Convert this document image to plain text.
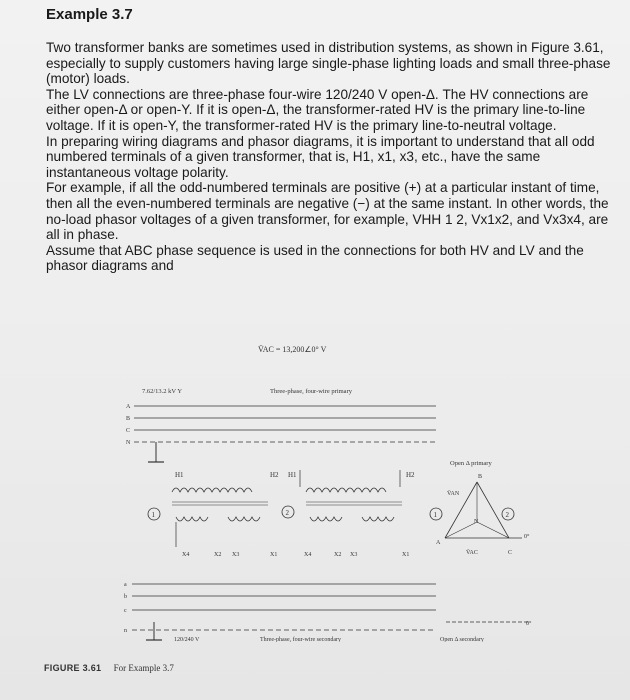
Example 3.7

Two transformer banks are sometimes used in distribution systems, as shown in Figure 3.61, especially to supply customers having large single-phase lighting loads and small three-phase (motor) loads.

The LV connections are three-phase four-wire 120/240 V open-Δ. The HV connections are either open-Δ or open-Y. If it is open-Δ, the transformer-rated HV is the primary line-to-line voltage. If it is open-Y, the transformer-rated HV is the primary line-to-neutral voltage.

In preparing wiring diagrams and phasor diagrams, it is important to understand that all odd numbered terminals of a given transformer, that is, H1, x1, x3, etc., have the same instantaneous voltage polarity.

For example, if all the odd-numbered terminals are positive (+) at a particular instant of time, then all the even-numbered terminals are negative (−) at the same instant. In other words, the no-load phasor voltages of a given transformer, for example, VHH 1 2, Vx1x2, and Vx3x4, are all in phase.

Assume that ABC phase sequence is used in the connections for both HV and LV and the phasor diagrams and

V̄AC = 13,200∠0° V
7.62/13.2 kV Y	Three-phase, four-wire primary
A
B
C
N
H1
1
X4	X2 X3	X1
H2 H1	H2
2
X4	X2 X3	X1
Open Δ primary
B
V̄AN
N
1	2
A
0°
V̄AC	C
a
b
c
n
120/240 V	Three-phase, four-wire secondary
0°
Open Δ secondary
FIGURE 3.61 For Example 3.7
